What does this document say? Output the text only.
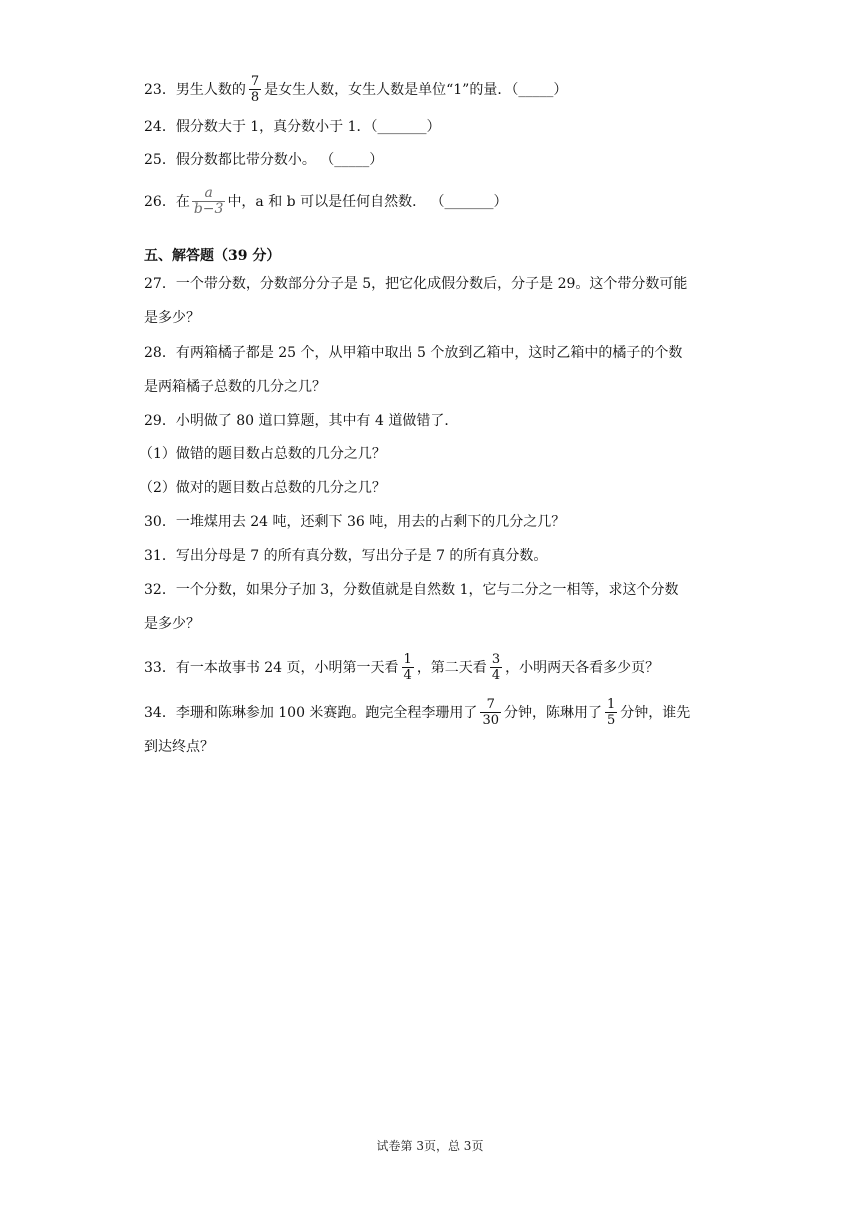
23．男生人数的 $\frac{7}{8}$ 是女生人数，女生人数是单位“1”的量．（_____）
24．假分数大于 1，真分数小于 1．（_______）
25．假分数都比带分数小。 （_____）
26．在 $\frac{a}{b-3}$ 中，a 和 b 可以是任何自然数． （_______）
五、解答题（39 分）
27．一个带分数，分数部分分子是 5，把它化成假分数后，分子是 29。这个带分数可能
是多少？
28．有两箱橘子都是 25 个，从甲箱中取出 5 个放到乙箱中，这时乙箱中的橘子的个数
是两箱橘子总数的几分之几？
29．小明做了 80 道口算题，其中有 4 道做错了．
（1）做错的题目数占总数的几分之几？
（2）做对的题目数占总数的几分之几？
30．一堆煤用去 24 吨，还剩下 36 吨，用去的占剩下的几分之几？
31．写出分母是 7 的所有真分数，写出分子是 7 的所有真分数。
32．一个分数，如果分子加 3，分数值就是自然数 1，它与二分之一相等，求这个分数
是多少？
33．有一本故事书 24 页，小明第一天看 $\frac{1}{4}$ ，第二天看 $\frac{3}{4}$ ，小明两天各看多少页？
34．李珊和陈琳参加 100 米赛跑。跑完全程李珊用了 $\frac{7}{30}$ 分钟，陈琳用了 $\frac{1}{5}$ 分钟，谁先
到达终点？
试卷第 3页，总 3页
